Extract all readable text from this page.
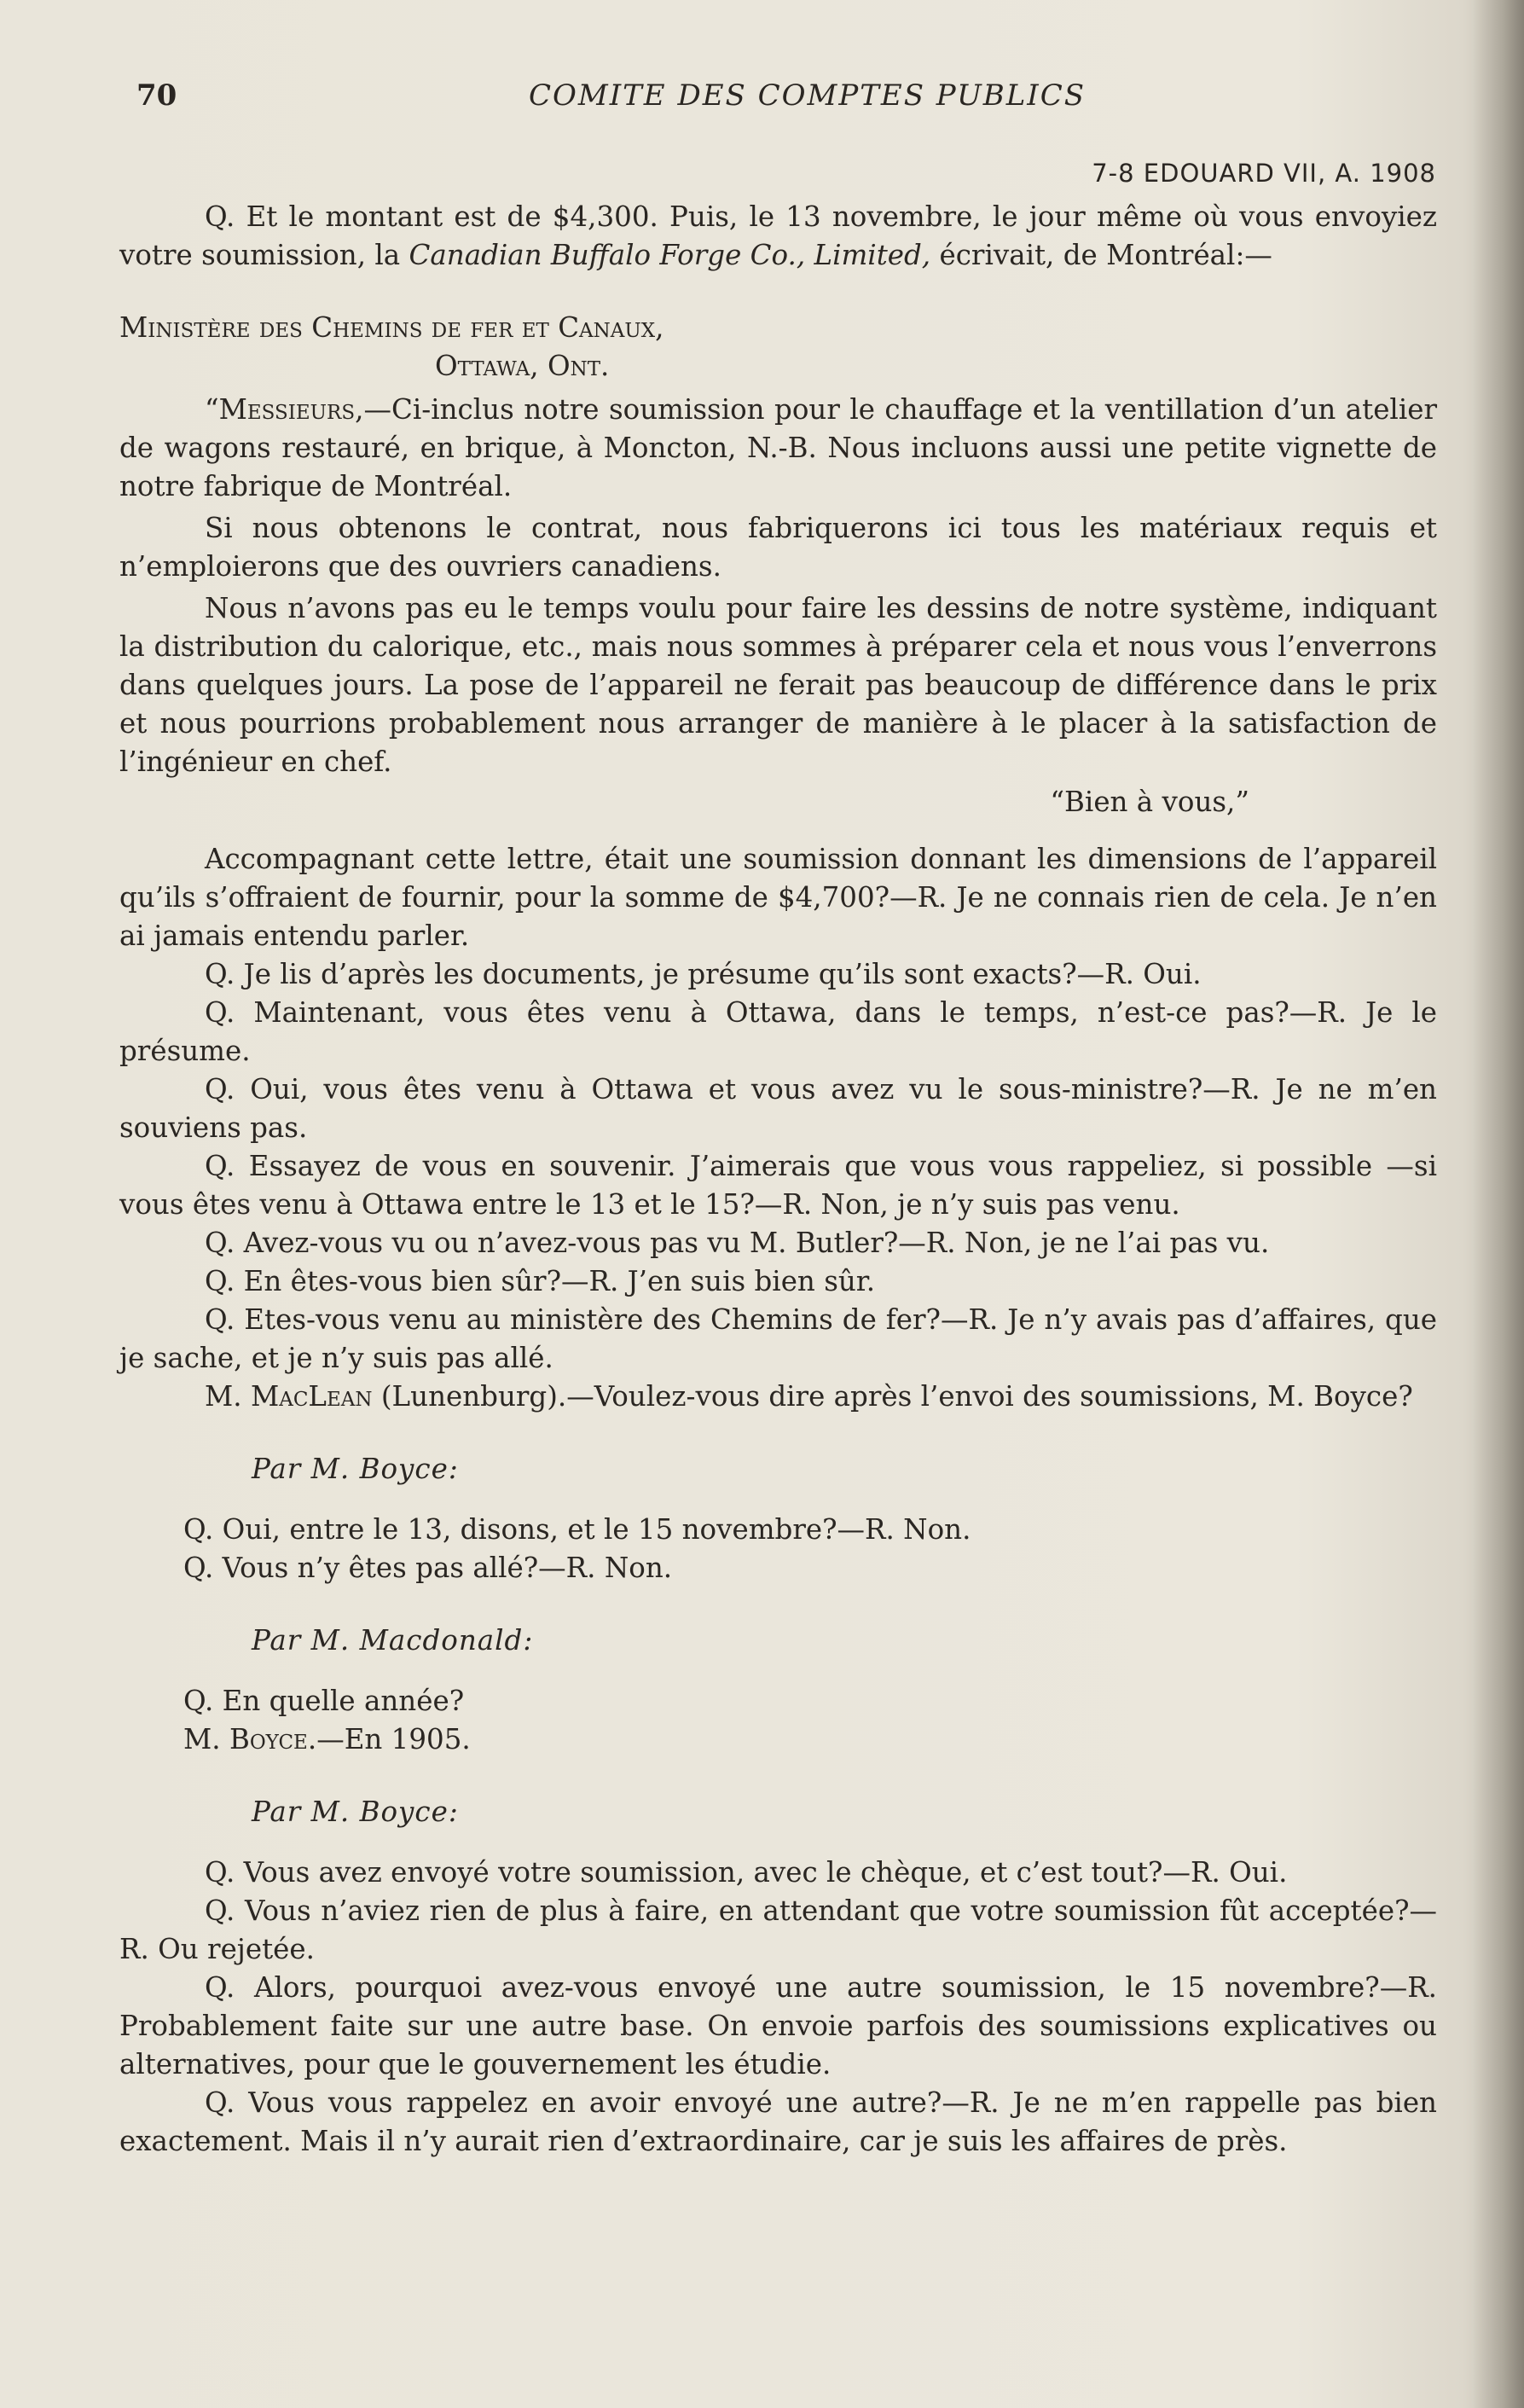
70	COMITE DES COMPTES PUBLICS
7-8 EDOUARD VII, A. 1908

Q. Et le montant est de $4,300. Puis, le 13 novembre, le jour même où vous envoyiez votre soumission, la Canadian Buffalo Forge Co., Limited, écrivait, de Montréal:—

Ministère des Chemins de fer et Canaux,

Ottawa, Ont.

“Messieurs,—Ci-inclus notre soumission pour le chauffage et la ventillation d’un atelier de wagons restauré, en brique, à Moncton, N.-B. Nous incluons aussi une petite vignette de notre fabrique de Montréal.

Si nous obtenons le contrat, nous fabriquerons ici tous les matériaux requis et n’emploierons que des ouvriers canadiens.

Nous n’avons pas eu le temps voulu pour faire les dessins de notre système, indiquant la distribution du calorique, etc., mais nous sommes à préparer cela et nous vous l’enverrons dans quelques jours. La pose de l’appareil ne ferait pas beaucoup de différence dans le prix et nous pourrions probablement nous arranger de manière à le placer à la satisfaction de l’ingénieur en chef.

“Bien à vous,”

Accompagnant cette lettre, était une soumission donnant les dimensions de l’appareil qu’ils s’offraient de fournir, pour la somme de $4,700?—R. Je ne connais rien de cela. Je n’en ai jamais entendu parler.

Q. Je lis d’après les documents, je présume qu’ils sont exacts?—R. Oui.

Q. Maintenant, vous êtes venu à Ottawa, dans le temps, n’est-ce pas?—R. Je le présume.

Q. Oui, vous êtes venu à Ottawa et vous avez vu le sous-ministre?—R. Je ne m’en souviens pas.

Q. Essayez de vous en souvenir. J’aimerais que vous vous rappeliez, si possible —si vous êtes venu à Ottawa entre le 13 et le 15?—R. Non, je n’y suis pas venu.

Q. Avez-vous vu ou n’avez-vous pas vu M. Butler?—R. Non, je ne l’ai pas vu.

Q. En êtes-vous bien sûr?—R. J’en suis bien sûr.

Q. Etes-vous venu au ministère des Chemins de fer?—R. Je n’y avais pas d’affaires, que je sache, et je n’y suis pas allé.

M. MacLean (Lunenburg).—Voulez-vous dire après l’envoi des soumissions, M. Boyce?

Par M. Boyce:

Q. Oui, entre le 13, disons, et le 15 novembre?—R. Non.

Q. Vous n’y êtes pas allé?—R. Non.

Par M. Macdonald:

Q. En quelle année?

M. Boyce.—En 1905.

Par M. Boyce:

Q. Vous avez envoyé votre soumission, avec le chèque, et c’est tout?—R. Oui.

Q. Vous n’aviez rien de plus à faire, en attendant que votre soumission fût acceptée?—R. Ou rejetée.

Q. Alors, pourquoi avez-vous envoyé une autre soumission, le 15 novembre?—R. Probablement faite sur une autre base. On envoie parfois des soumissions explicatives ou alternatives, pour que le gouvernement les étudie.

Q. Vous vous rappelez en avoir envoyé une autre?—R. Je ne m’en rappelle pas bien exactement. Mais il n’y aurait rien d’extraordinaire, car je suis les affaires de près.
